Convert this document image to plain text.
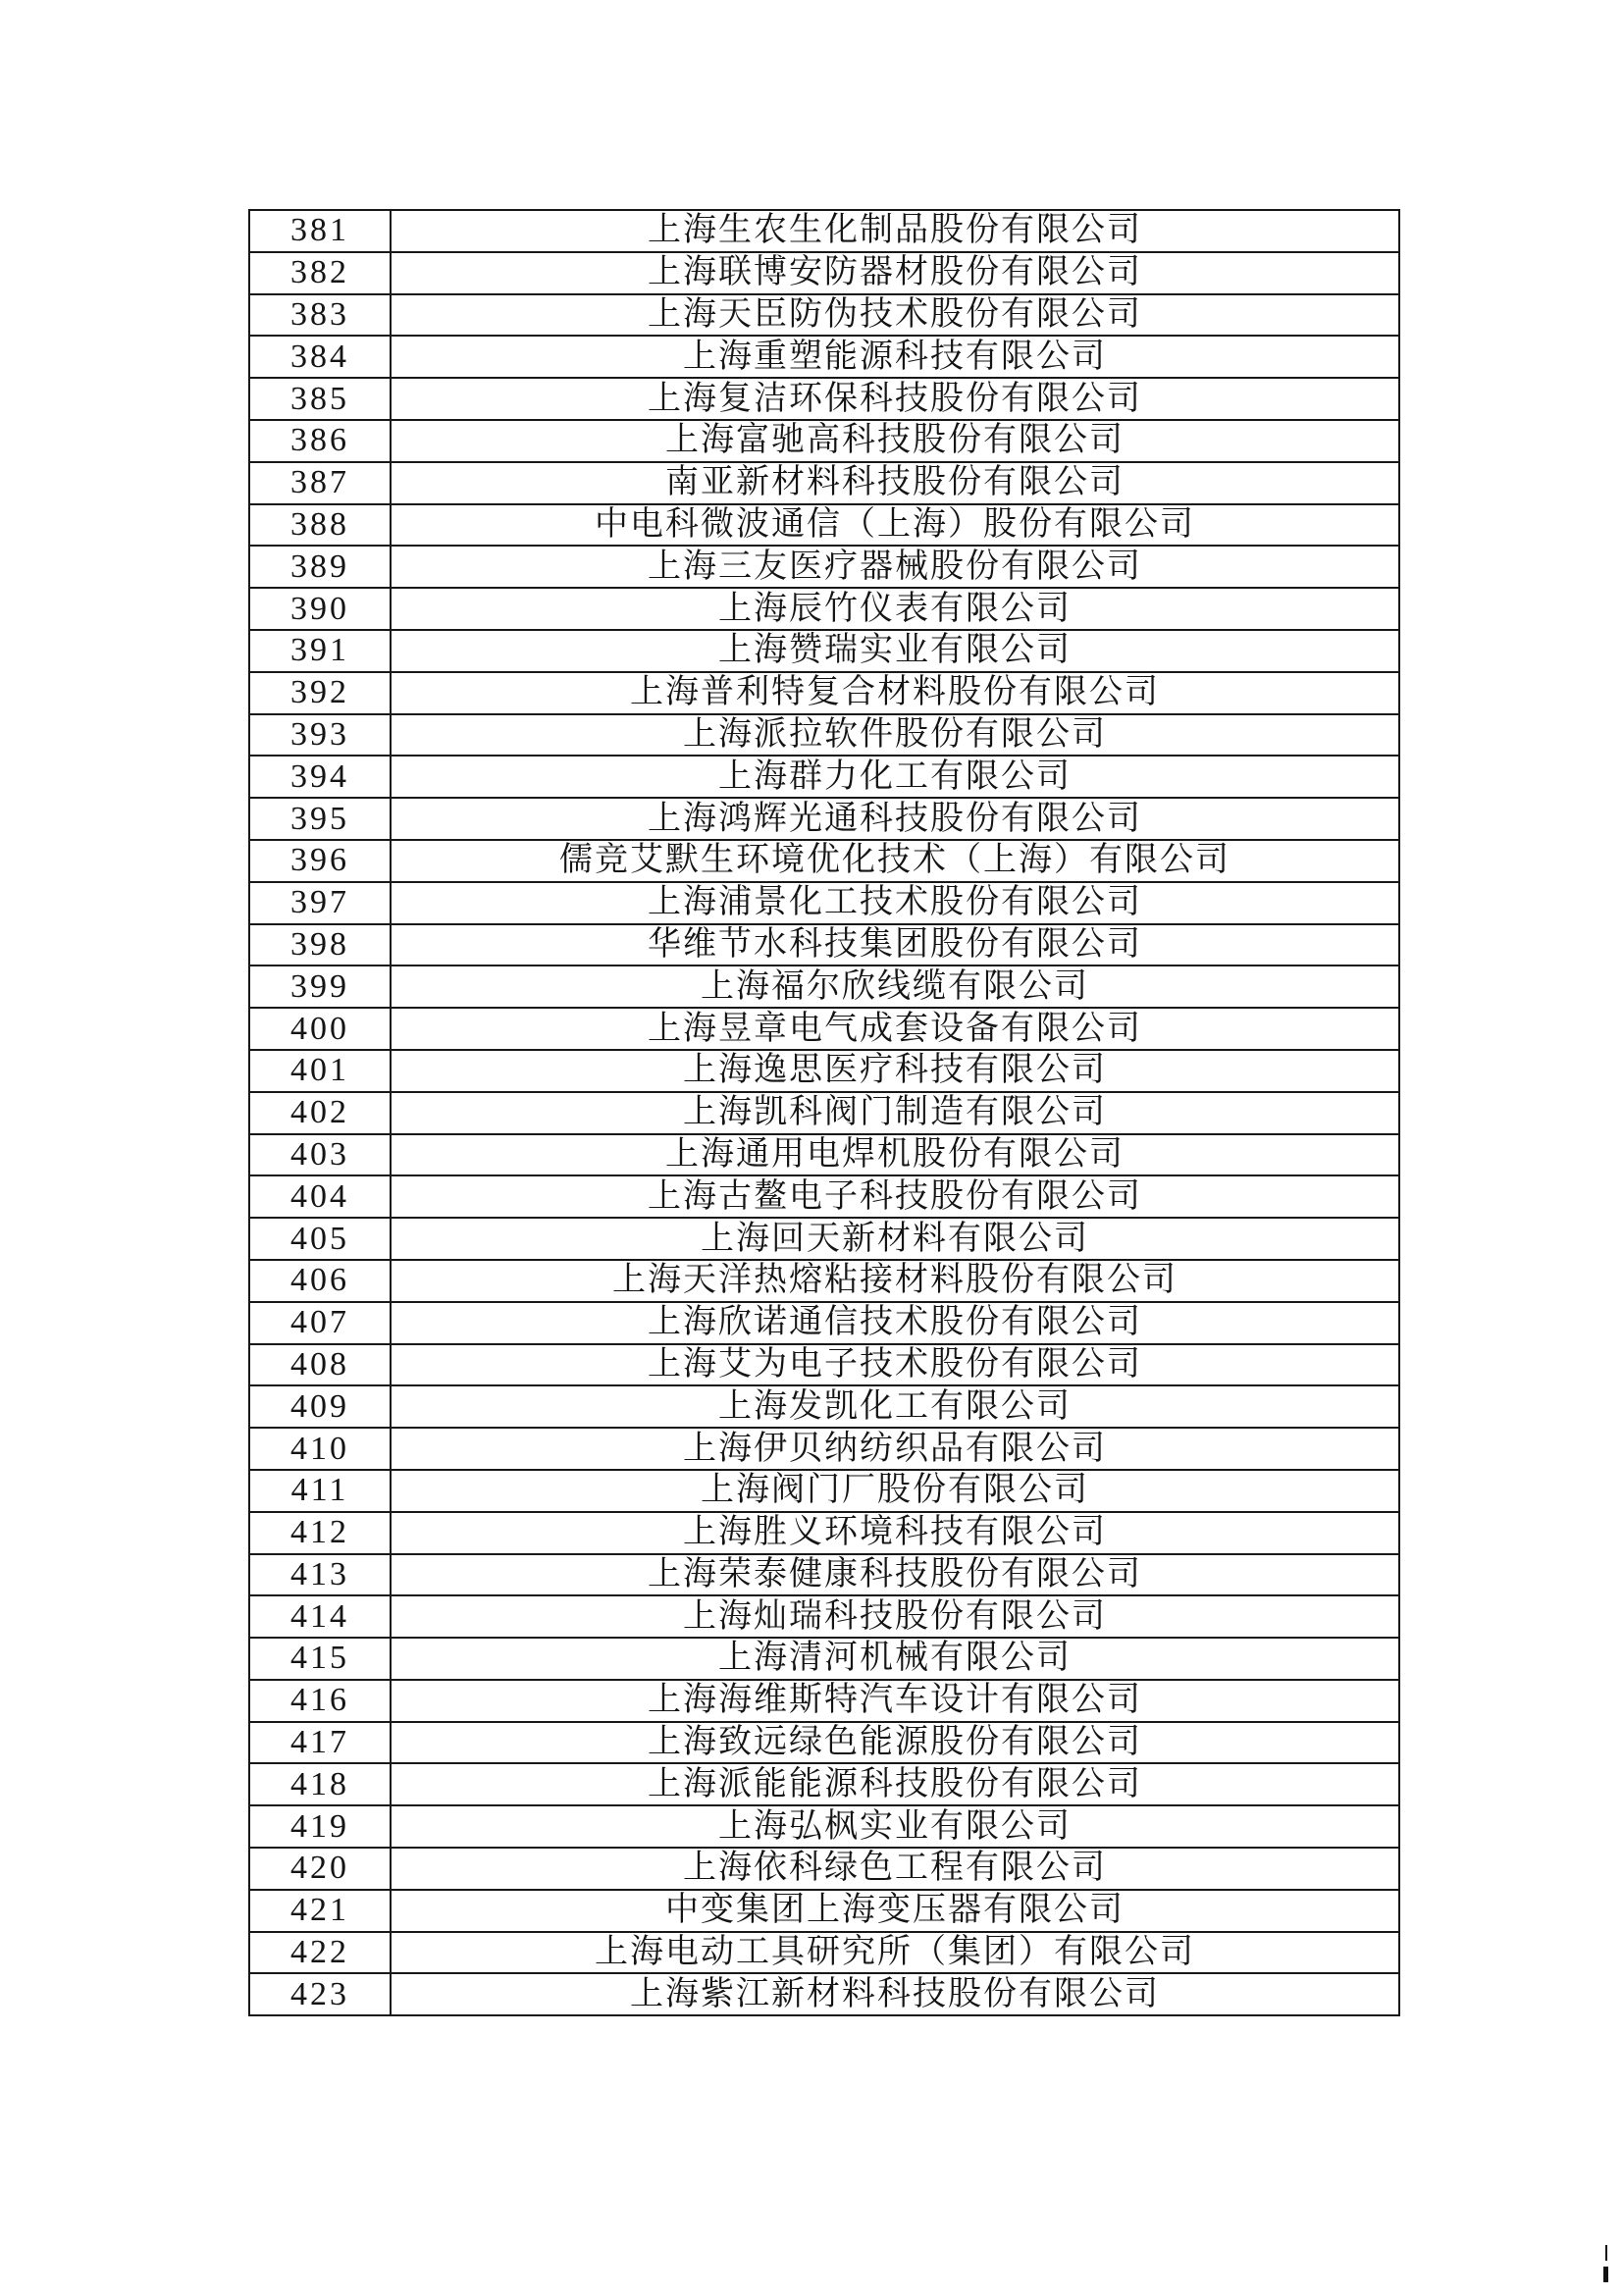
381	上海生农生化制品股份有限公司
382	上海联博安防器材股份有限公司
383	上海天臣防伪技术股份有限公司
384	上海重塑能源科技有限公司
385	上海复洁环保科技股份有限公司
386	上海富驰高科技股份有限公司
387	南亚新材料科技股份有限公司
388	中电科微波通信（上海）股份有限公司
389	上海三友医疗器械股份有限公司
390	上海辰竹仪表有限公司
391	上海赞瑞实业有限公司
392	上海普利特复合材料股份有限公司
393	上海派拉软件股份有限公司
394	上海群力化工有限公司
395	上海鸿辉光通科技股份有限公司
396	儒竞艾默生环境优化技术（上海）有限公司
397	上海浦景化工技术股份有限公司
398	华维节水科技集团股份有限公司
399	上海福尔欣线缆有限公司
400	上海昱章电气成套设备有限公司
401	上海逸思医疗科技有限公司
402	上海凯科阀门制造有限公司
403	上海通用电焊机股份有限公司
404	上海古鳌电子科技股份有限公司
405	上海回天新材料有限公司
406	上海天洋热熔粘接材料股份有限公司
407	上海欣诺通信技术股份有限公司
408	上海艾为电子技术股份有限公司
409	上海发凯化工有限公司
410	上海伊贝纳纺织品有限公司
411	上海阀门厂股份有限公司
412	上海胜义环境科技有限公司
413	上海荣泰健康科技股份有限公司
414	上海灿瑞科技股份有限公司
415	上海清河机械有限公司
416	上海海维斯特汽车设计有限公司
417	上海致远绿色能源股份有限公司
418	上海派能能源科技股份有限公司
419	上海弘枫实业有限公司
420	上海依科绿色工程有限公司
421	中变集团上海变压器有限公司
422	上海电动工具研究所（集团）有限公司
423	上海紫江新材料科技股份有限公司
